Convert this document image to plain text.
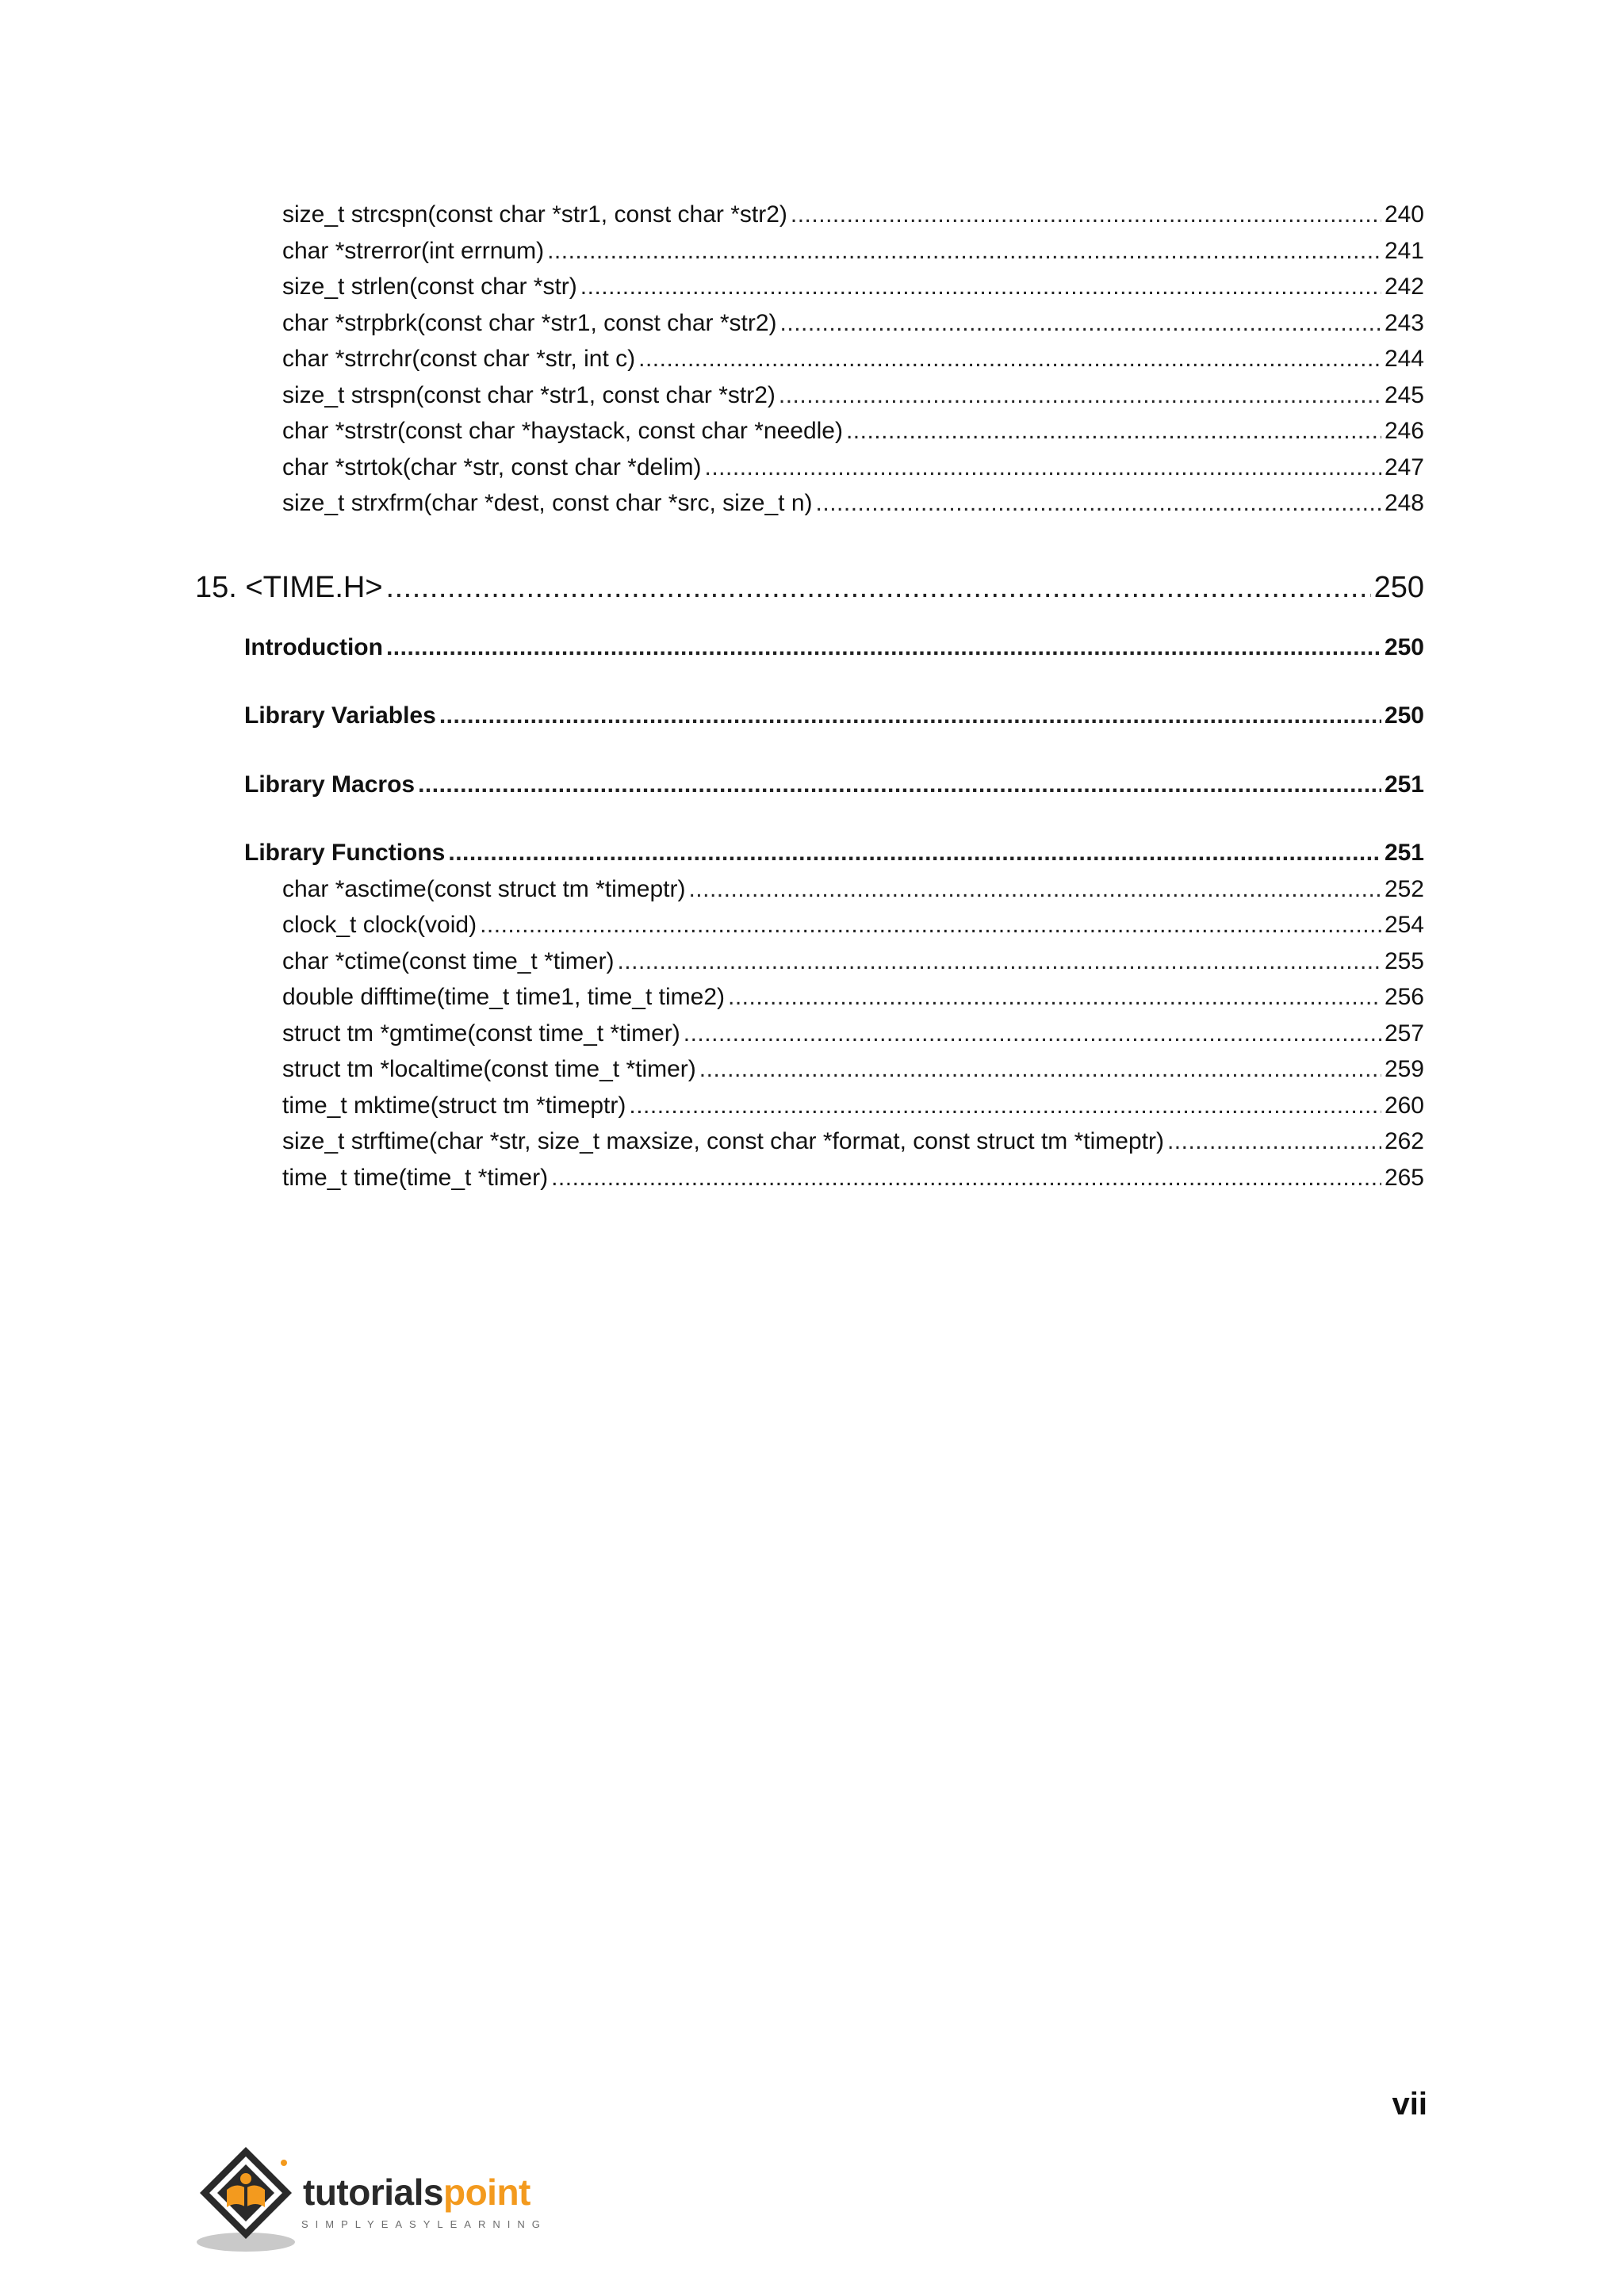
size_t strcspn(const char *str1, const char *str2) .....	240
char *strerror(int errnum) .....	241
size_t strlen(const char *str) .....	242
char *strpbrk(const char *str1, const char *str2) .....	243
char *strrchr(const char *str, int c) .....	244
size_t strspn(const char *str1, const char *str2) .....	245
char *strstr(const char *haystack, const char *needle) .....	246
char *strtok(char *str, const char *delim) .....	247
size_t strxfrm(char *dest, const char *src, size_t n) .....	248
15. <TIME.H> .....	250
Introduction .....	250
Library Variables .....	250
Library Macros .....	251
Library Functions .....	251
char *asctime(const struct tm *timeptr) .....	252
clock_t clock(void) .....	254
char *ctime(const time_t *timer) .....	255
double difftime(time_t time1, time_t time2) .....	256
struct tm *gmtime(const time_t *timer) .....	257
struct tm *localtime(const time_t *timer) .....	259
time_t mktime(struct tm *timeptr) .....	260
size_t strftime(char *str, size_t maxsize, const char *format, const struct tm *timeptr) .....	262
time_t time(time_t *timer) .....	265
vii
tutorialspoint
SIMPLYEASYLEARNING
